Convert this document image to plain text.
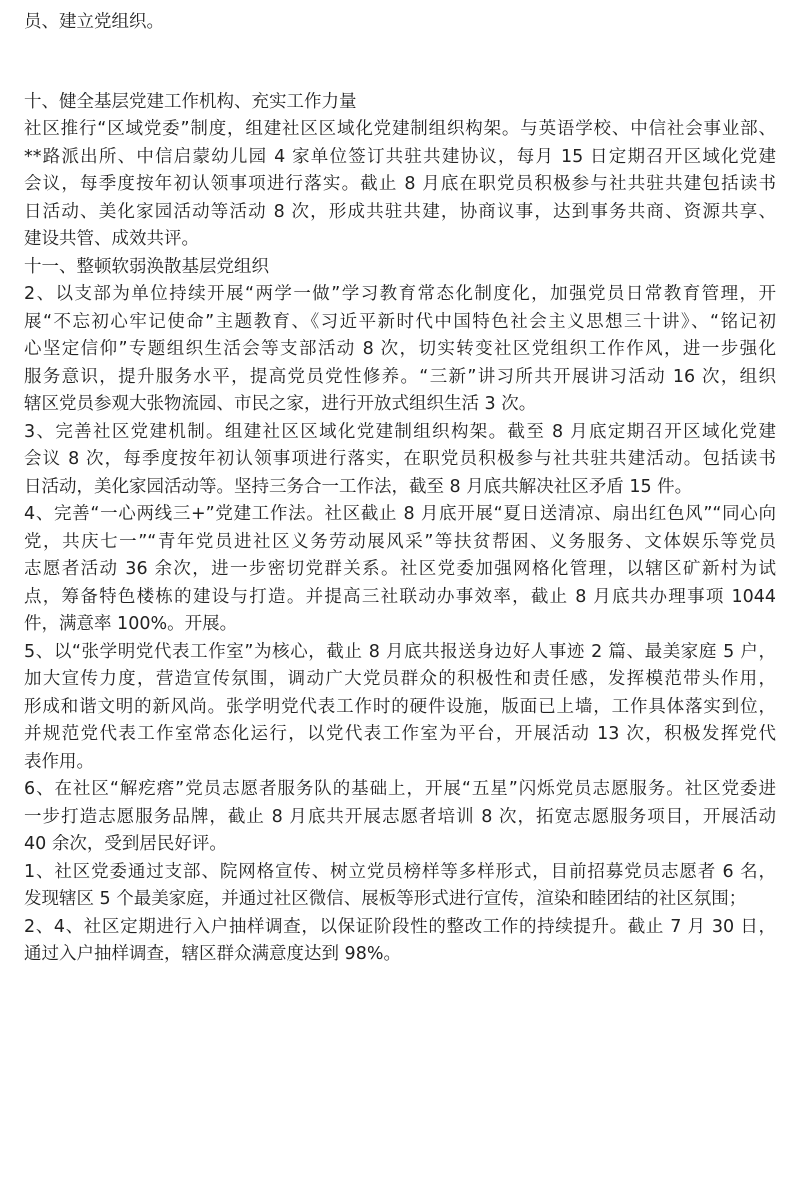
员、建立党组织。
十、健全基层党建工作机构、充实工作力量
社区推行“区域党委”制度，组建社区区域化党建制组织构架。与英语学校、中信社会事业部、
**路派出所、中信启蒙幼儿园 4 家单位签订共驻共建协议，每月 15 日定期召开区域化党建
会议，每季度按年初认领事项进行落实。截止 8 月底在职党员积极参与社共驻共建包括读书
日活动、美化家园活动等活动 8 次，形成共驻共建，协商议事，达到事务共商、资源共享、
建设共管、成效共评。
十一、整顿软弱涣散基层党组织
2、以支部为单位持续开展“两学一做”学习教育常态化制度化，加强党员日常教育管理，开
展“不忘初心牢记使命”主题教育、《习近平新时代中国特色社会主义思想三十讲》、“铭记初
心坚定信仰”专题组织生活会等支部活动 8 次，切实转变社区党组织工作作风，进一步强化
服务意识，提升服务水平，提高党员党性修养。“三新”讲习所共开展讲习活动 16 次，组织
辖区党员参观大张物流园、市民之家，进行开放式组织生活 3 次。
3、完善社区党建机制。组建社区区域化党建制组织构架。截至 8 月底定期召开区域化党建
会议 8 次，每季度按年初认领事项进行落实，在职党员积极参与社共驻共建活动。包括读书
日活动，美化家园活动等。坚持三务合一工作法，截至 8 月底共解决社区矛盾 15 件。
4、完善“一心两线三+”党建工作法。社区截止 8 月底开展“夏日送清凉、扇出红色风”“同心向
党，共庆七一”“青年党员进社区义务劳动展风采”等扶贫帮困、义务服务、文体娱乐等党员
志愿者活动 36 余次，进一步密切党群关系。社区党委加强网格化管理，以辖区矿新村为试
点，筹备特色楼栋的建设与打造。并提高三社联动办事效率，截止 8 月底共办理事项 1044
件，满意率 100%。开展。
5、以“张学明党代表工作室”为核心，截止 8 月底共报送身边好人事迹 2 篇、最美家庭 5 户，
加大宣传力度，营造宣传氛围，调动广大党员群众的积极性和责任感，发挥模范带头作用，
形成和谐文明的新风尚。张学明党代表工作时的硬件设施，版面已上墙，工作具体落实到位，
并规范党代表工作室常态化运行，以党代表工作室为平台，开展活动 13 次，积极发挥党代
表作用。
6、在社区“解疙瘩”党员志愿者服务队的基础上，开展“五星”闪烁党员志愿服务。社区党委进
一步打造志愿服务品牌，截止 8 月底共开展志愿者培训 8 次，拓宽志愿服务项目，开展活动
40 余次，受到居民好评。
1、社区党委通过支部、院网格宣传、树立党员榜样等多样形式，目前招募党员志愿者 6 名，
发现辖区 5 个最美家庭，并通过社区微信、展板等形式进行宣传，渲染和睦团结的社区氛围；
2、4、社区定期进行入户抽样调查，以保证阶段性的整改工作的持续提升。截止 7 月 30 日，
通过入户抽样调查，辖区群众满意度达到 98%。
